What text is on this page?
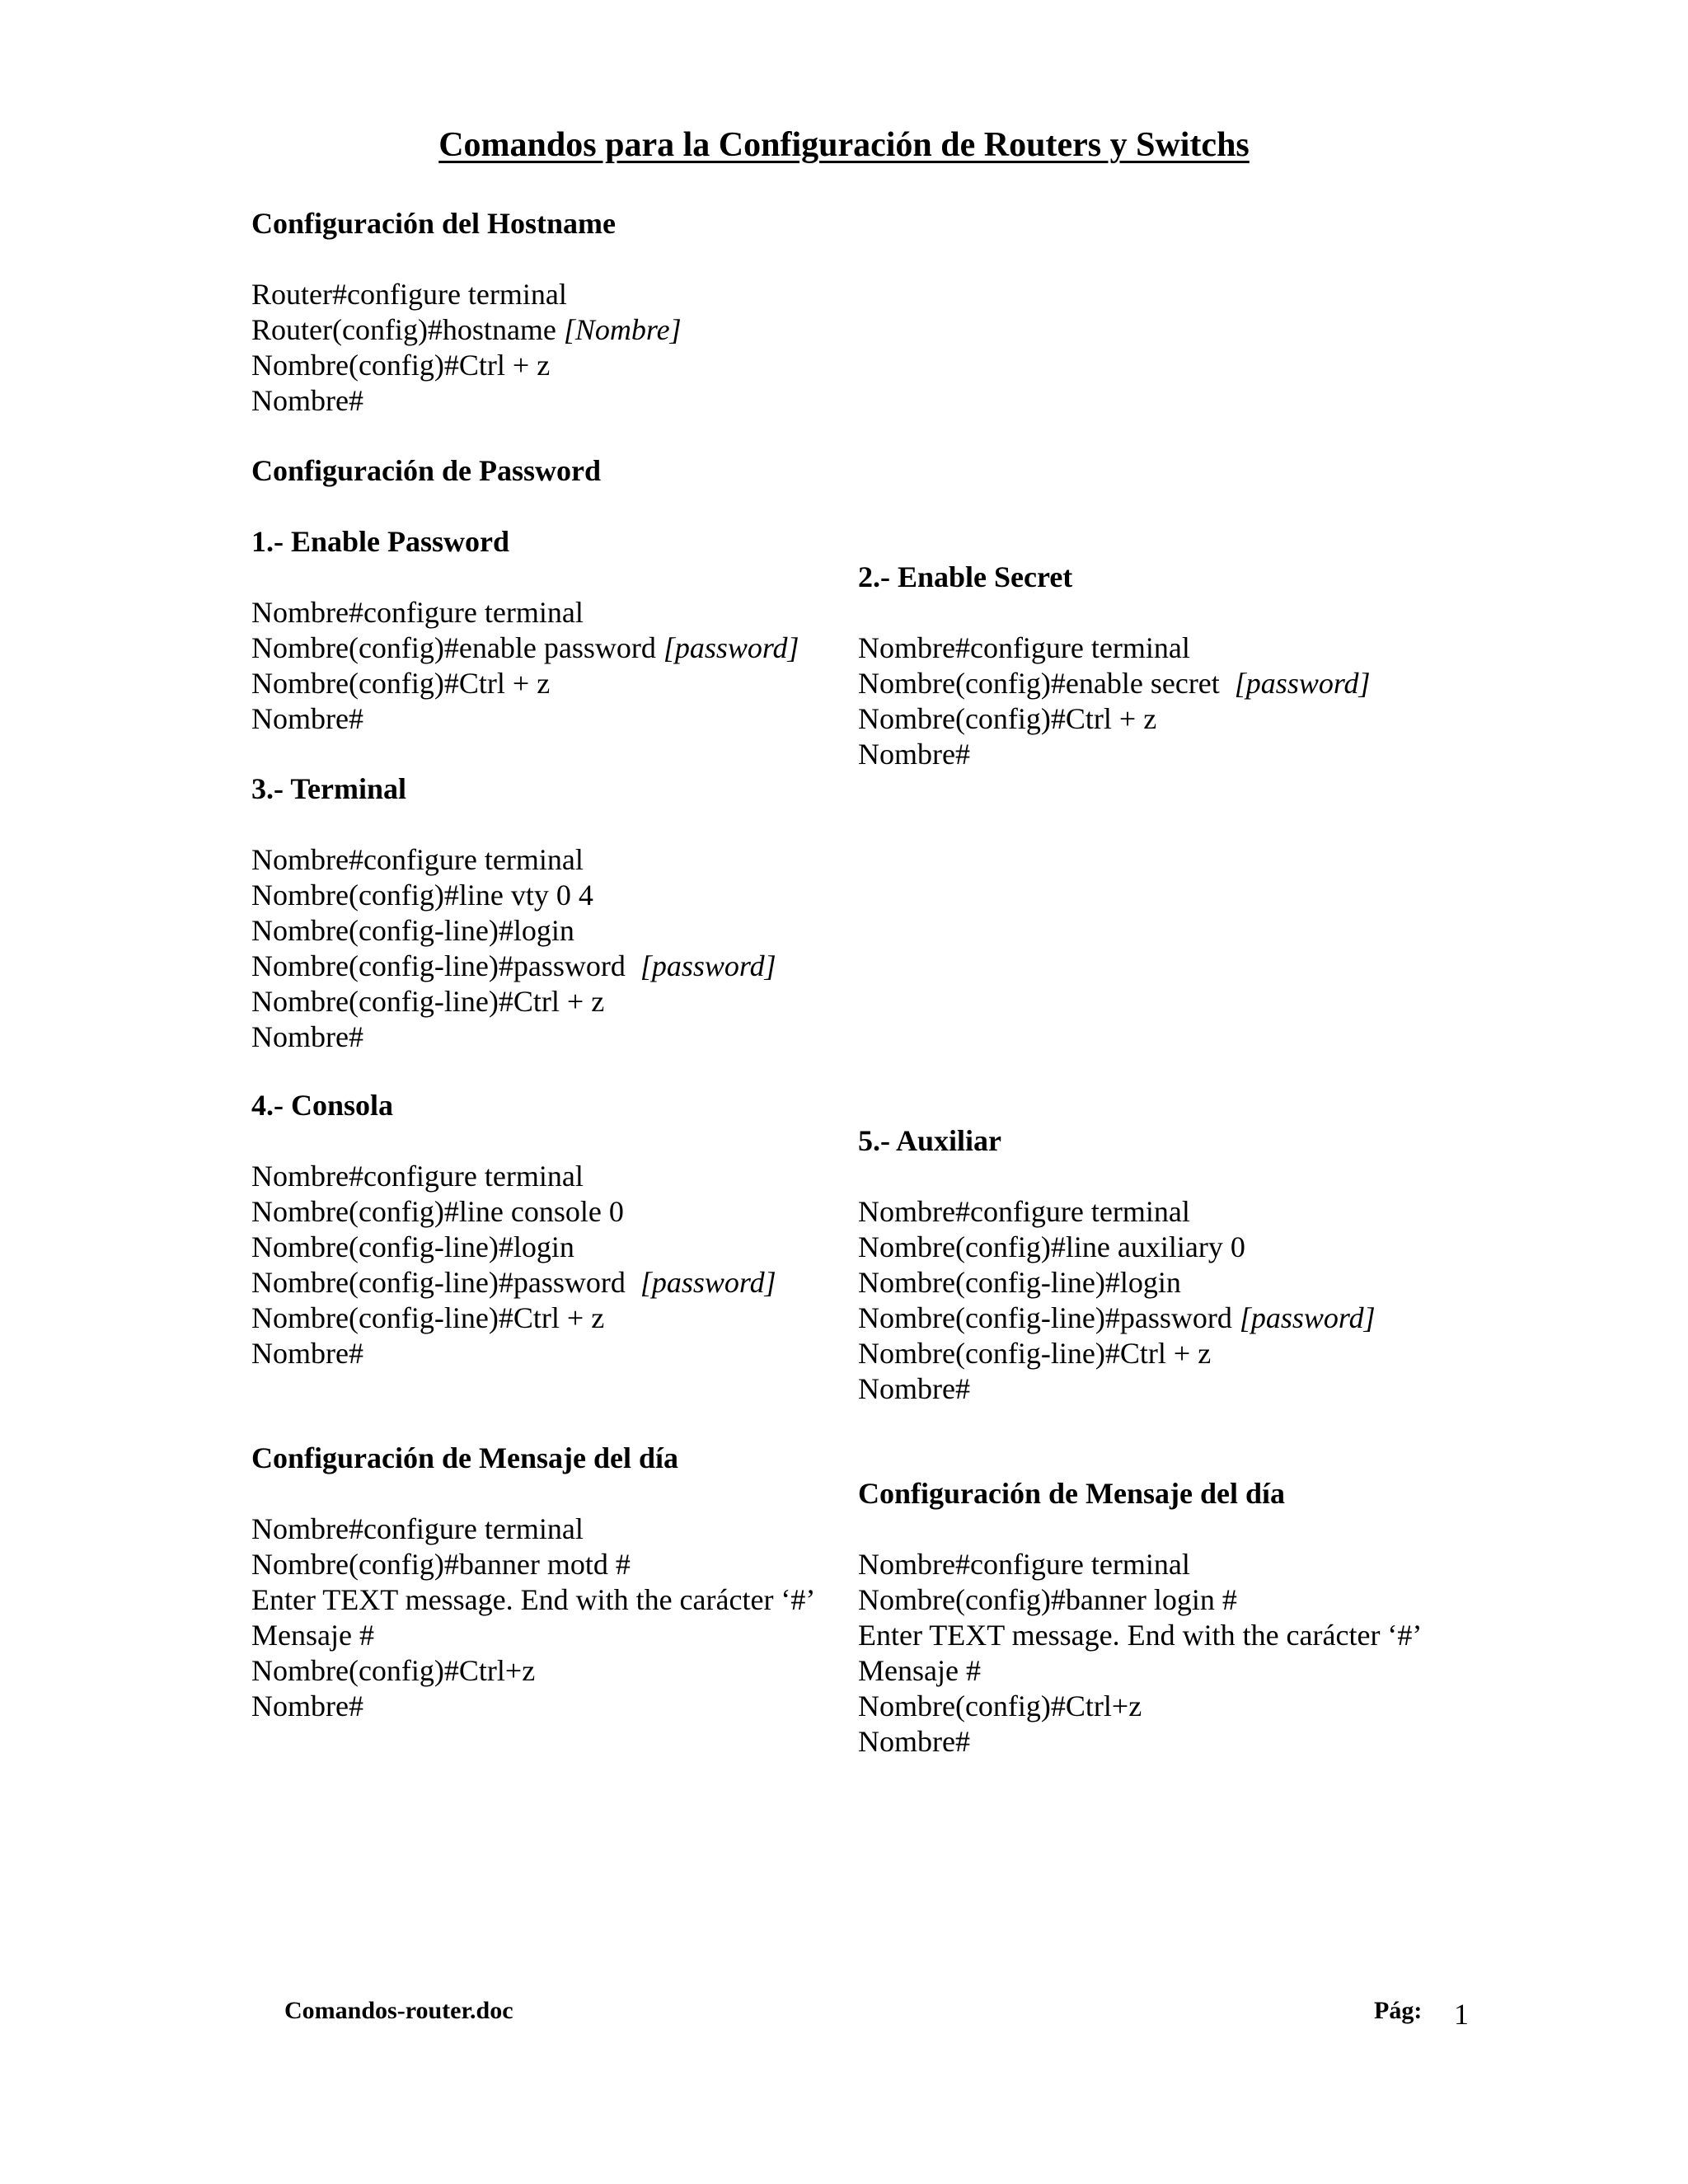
Comandos para la Configuración de Routers y Switchs
Configuración del Hostname
Router#configure terminal
Router(config)#hostname [Nombre]
Nombre(config)#Ctrl + z
Nombre#
Configuración de Password
1.- Enable Password
Nombre#configure terminal
Nombre(config)#enable password [password]
Nombre(config)#Ctrl + z
Nombre#
2.- Enable Secret
Nombre#configure terminal
Nombre(config)#enable secret  [password]
Nombre(config)#Ctrl + z
Nombre#
3.- Terminal
Nombre#configure terminal
Nombre(config)#line vty 0 4
Nombre(config-line)#login
Nombre(config-line)#password  [password]
Nombre(config-line)#Ctrl + z
Nombre#
4.- Consola
Nombre#configure terminal
Nombre(config)#line console 0
Nombre(config-line)#login
Nombre(config-line)#password  [password]
Nombre(config-line)#Ctrl + z
Nombre#
5.- Auxiliar
Nombre#configure terminal
Nombre(config)#line auxiliary 0
Nombre(config-line)#login
Nombre(config-line)#password [password]
Nombre(config-line)#Ctrl + z
Nombre#
Configuración de Mensaje del día
Nombre#configure terminal
Nombre(config)#banner motd #
Enter TEXT message. End with the carácter ‘#’
Mensaje #
Nombre(config)#Ctrl+z
Nombre#
Configuración de Mensaje del día
Nombre#configure terminal
Nombre(config)#banner login #
Enter TEXT message. End with the carácter ‘#’
Mensaje #
Nombre(config)#Ctrl+z
Nombre#
Comandos-router.doc	Pág: 1
